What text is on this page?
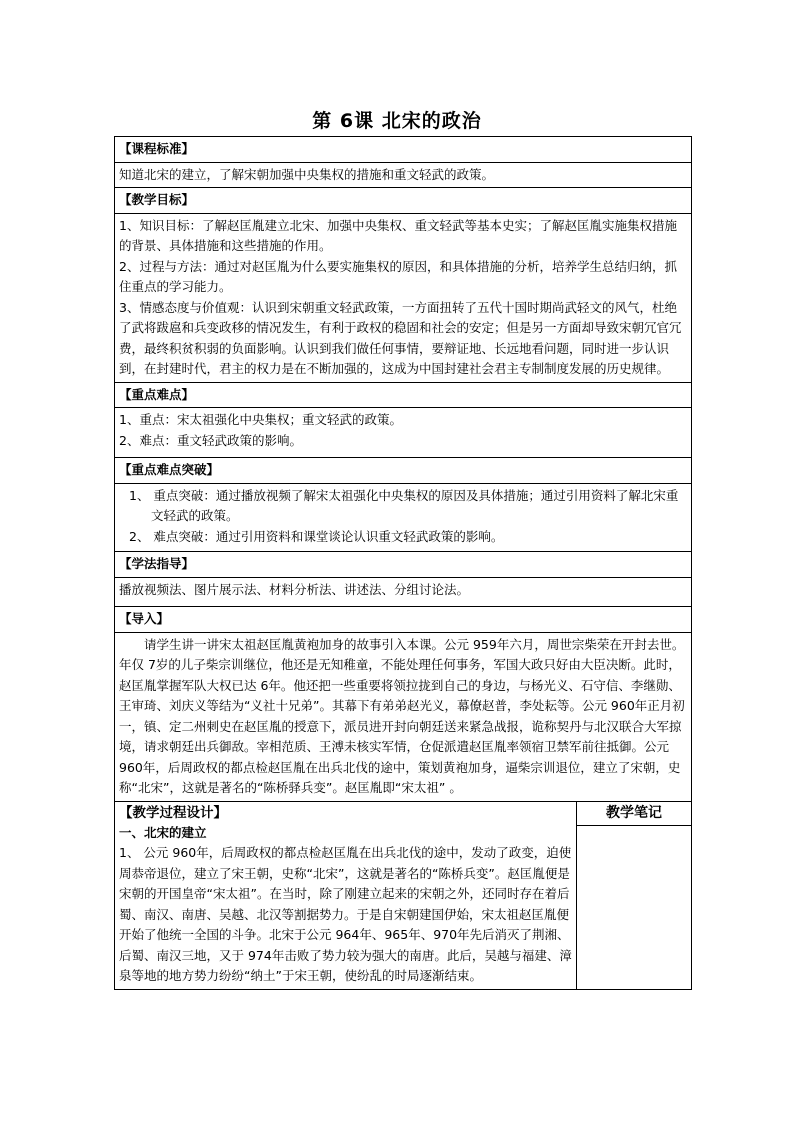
第 6课 北宋的政治
【课程标准】
知道北宋的建立，了解宋朝加强中央集权的措施和重文轻武的政策。
【教学目标】

1、知识目标：了解赵匡胤建立北宋、加强中央集权、重文轻武等基本史实；了解赵匡胤实施集权措施的背景、具体措施和这些措施的作用。

2、过程与方法：通过对赵匡胤为什么要实施集权的原因，和具体措施的分析，培养学生总结归纳，抓住重点的学习能力。

3、情感态度与价值观：认识到宋朝重文轻武政策，一方面扭转了五代十国时期尚武轻文的风气，杜绝了武将跋扈和兵变政移的情况发生，有利于政权的稳固和社会的安定；但是另一方面却导致宋朝冗官冗费，最终积贫积弱的负面影响。认识到我们做任何事情，要辩证地、长远地看问题，同时进一步认识到，在封建时代，君主的权力是在不断加强的，这成为中国封建社会君主专制制度发展的历史规律。

【重点难点】

1、重点：宋太祖强化中央集权；重文轻武的政策。

2、难点：重文轻武政策的影响。

【重点难点突破】

1、 重点突破：通过播放视频了解宋太祖强化中央集权的原因及具体措施；通过引用资料了解北宋重文轻武的政策。

2、 难点突破：通过引用资料和课堂谈论认识重文轻武政策的影响。

【学法指导】
播放视频法、图片展示法、材料分析法、讲述法、分组讨论法。
【导入】

请学生讲一讲宋太祖赵匡胤黄袍加身的故事引入本课。公元 959年六月，周世宗柴荣在开封去世。年仅 7岁的儿子柴宗训继位，他还是无知稚童，不能处理任何事务，军国大政只好由大臣决断。此时，赵匡胤掌握军队大权已达 6年。他还把一些重要将领拉拢到自己的身边，与杨光义、石守信、李继勋、王审琦、刘庆义等结为“义社十兄弟”。其幕下有弟弟赵光义，幕僚赵普，李处耘等。公元 960年正月初一，镇、定二州刺史在赵匡胤的授意下，派员进开封向朝廷送来紧急战报，诡称契丹与北汉联合大军掠境，请求朝廷出兵御敌。宰相范质、王溥未核实军情，仓促派遣赵匡胤率领宿卫禁军前往抵御。公元 960年，后周政权的都点检赵匡胤在出兵北伐的途中，策划黄袍加身，逼柴宗训退位，建立了宋朝，史称“北宋”，这就是著名的“陈桥驿兵变”。赵匡胤即“宋太祖” 。

【教学过程设计】

一、北宋的建立

1、 公元 960年，后周政权的都点检赵匡胤在出兵北伐的途中，发动了政变，迫使周恭帝退位，建立了宋王朝，史称“北宋”，这就是著名的“陈桥兵变”。赵匡胤便是宋朝的开国皇帝“宋太祖”。在当时，除了刚建立起来的宋朝之外，还同时存在着后蜀、南汉、南唐、吴越、北汉等割据势力。于是自宋朝建国伊始，宋太祖赵匡胤便开始了他统一全国的斗争。北宋于公元 964年、965年、970年先后消灭了荆湘、后蜀、南汉三地，又于 974年击败了势力较为强大的南唐。此后，吴越与福建、漳泉等地的地方势力纷纷“纳土”于宋王朝，使纷乱的时局逐渐结束。

教学笔记
